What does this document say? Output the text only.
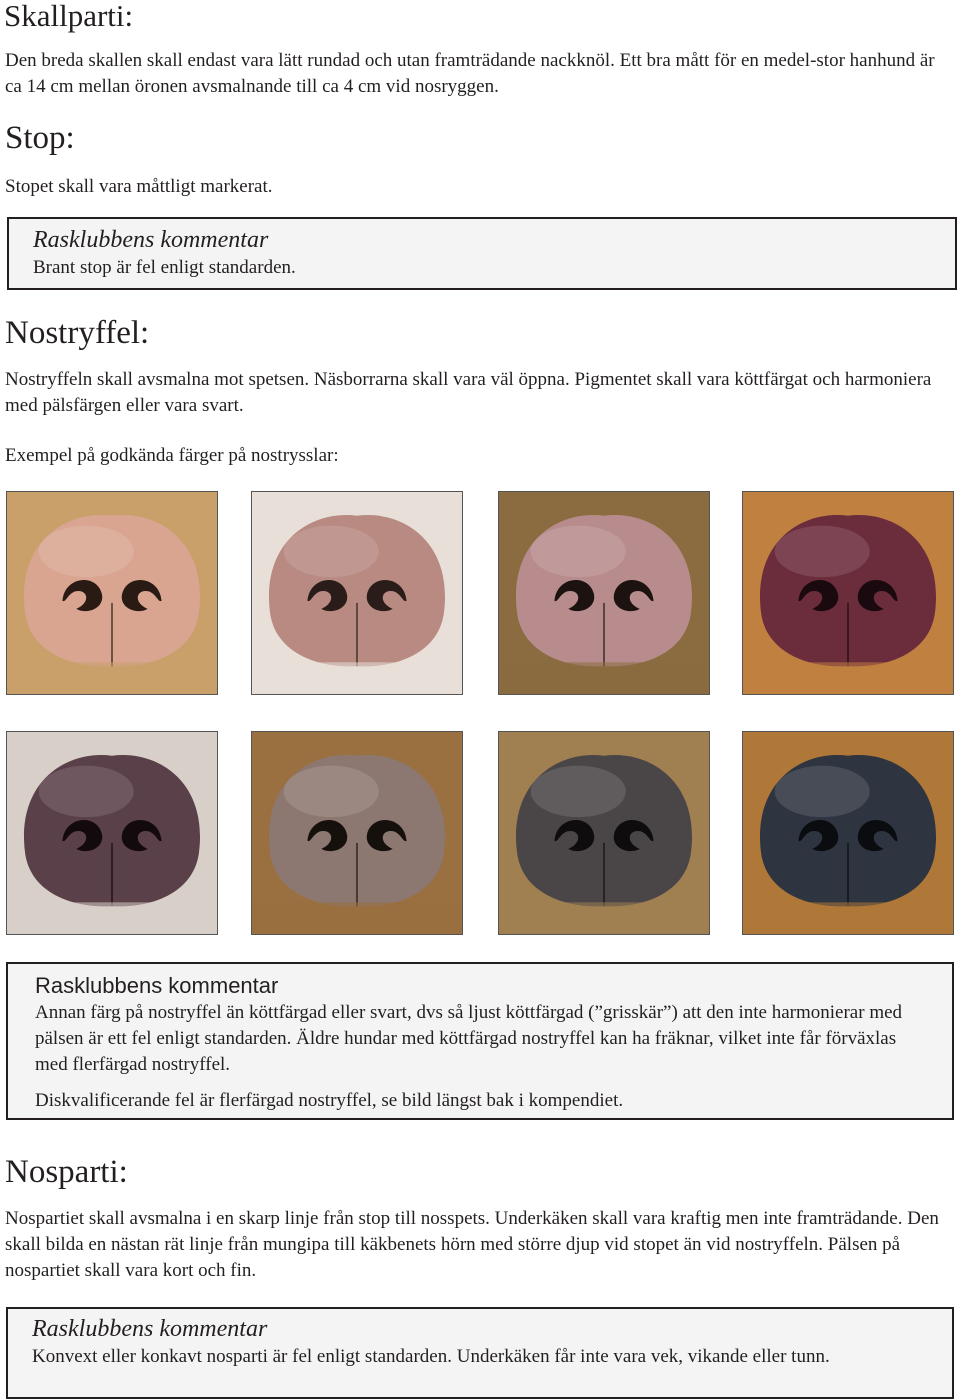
Skallparti:

Den breda skallen skall endast vara lätt rundad och utan framträdande nackknöl. Ett bra mått för en medel-stor hanhund är ca 14 cm mellan öronen avsmalnande till ca 4 cm vid nosryggen.

Stop:

Stopet skall vara måttligt markerat.

Rasklubbens kommentar
Brant stop är fel enligt standarden.
Nostryffel:

Nostryffeln skall avsmalna mot spetsen. Näsborrarna skall vara väl öppna. Pigmentet skall vara köttfärgat och harmoniera med pälsfärgen eller vara svart.

Exempel på godkända färger på nostrysslar:

Rasklubbens kommentar
Annan färg på nostryffel än köttfärgad eller svart, dvs så ljust köttfärgad (”grisskär”) att den inte harmonierar med pälsen är ett fel enligt standarden. Äldre hundar med köttfärgad nostryffel kan ha fräknar, vilket inte får förväxlas med flerfärgad nostryffel.
Diskvalificerande fel är flerfärgad nostryffel, se bild längst bak i kompendiet.
Nosparti:

Nospartiet skall avsmalna i en skarp linje från stop till nosspets. Underkäken skall vara kraftig men inte framträdande. Den skall bilda en nästan rät linje från mungipa till käkbenets hörn med större djup vid stopet än vid nostryffeln. Pälsen på nospartiet skall vara kort och fin.

Rasklubbens kommentar
Konvext eller konkavt nosparti är fel enligt standarden. Underkäken får inte vara vek, vikande eller tunn.
